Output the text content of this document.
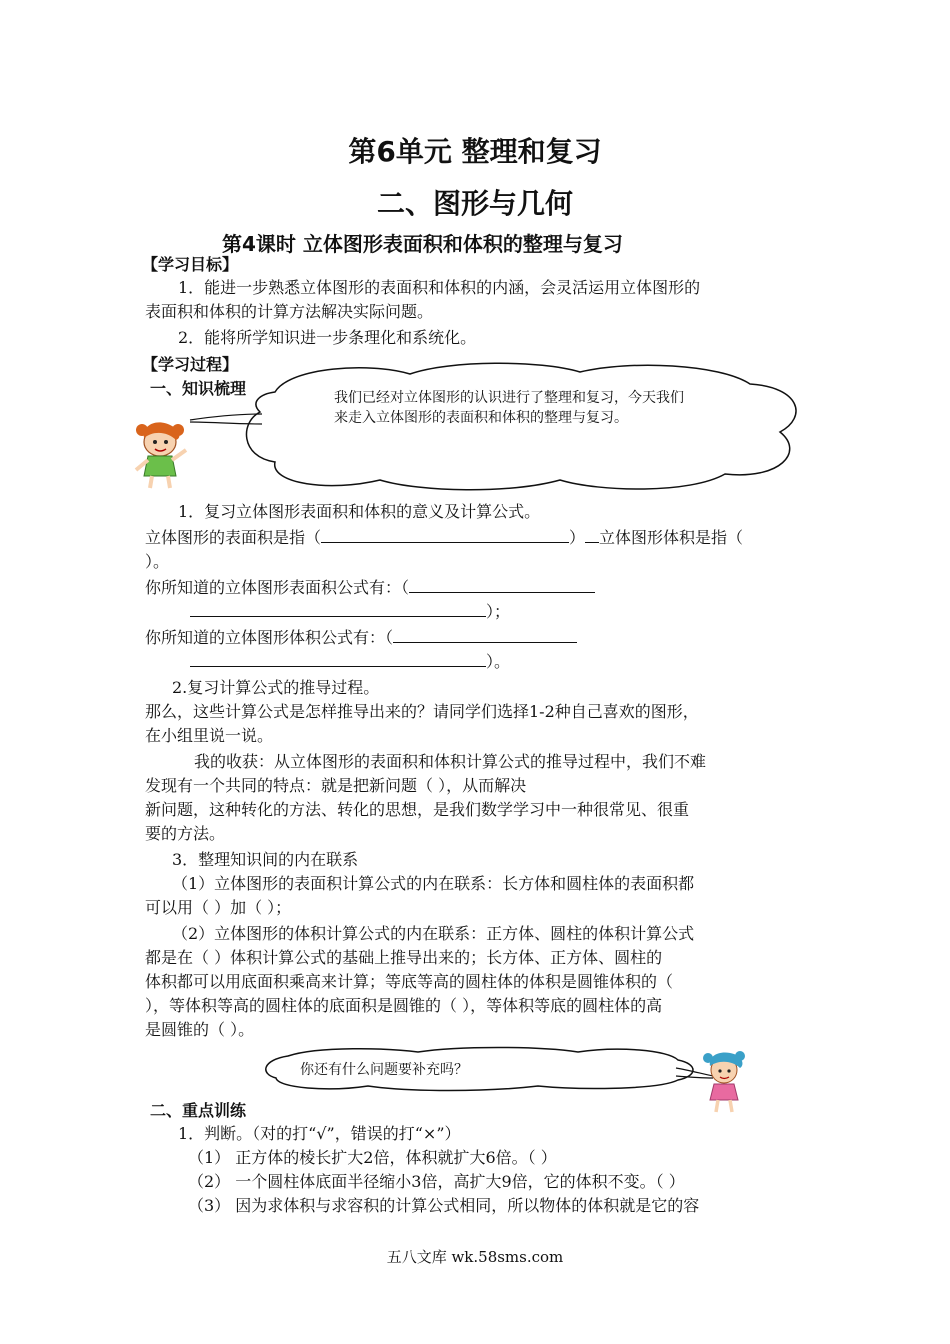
第6单元 整理和复习
二、图形与几何
第4课时 立体图形表面积和体积的整理与复习
【学习目标】
1．能进一步熟悉立体图形的表面积和体积的内涵，会灵活运用立体图形的
表面积和体积的计算方法解决实际问题。
2．能将所学知识进一步条理化和系统化。
【学习过程】
一、知识梳理	我们已经对立体图形的认识进行了整理和复习，今天我们来走入立体图形的表面积和体积的整理与复习。
1．复习立体图形表面积和体积的意义及计算公式。
立体图形的表面积是指（	） 立体图形体积是指（
）。
你所知道的立体图形表面积公式有：（
）；
你所知道的立体图形体积公式有：（
）。
2.复习计算公式的推导过程。
那么，这些计算公式是怎样推导出来的？请同学们选择1-2种自己喜欢的图形，
在小组里说一说。
我的收获：从立体图形的表面积和体积计算公式的推导过程中，我们不难
发现有一个共同的特点：就是把新问题（ ），从而解决
新问题，这种转化的方法、转化的思想，是我们数学学习中一种很常见、很重
要的方法。
3．整理知识间的内在联系
（1）立体图形的表面积计算公式的内在联系：长方体和圆柱体的表面积都
可以用（ ）加（ ）；
（2）立体图形的体积计算公式的内在联系：正方体、圆柱的体积计算公式
都是在（ ）体积计算公式的基础上推导出来的；长方体、正方体、圆柱的
体积都可以用底面积乘高来计算；等底等高的圆柱体的体积是圆锥体积的（
），等体积等高的圆柱体的底面积是圆锥的（ ），等体积等底的圆柱体的高
是圆锥的（ ）。
你还有什么问题要补充吗？
二、重点训练
1．判断。（对的打“√”，错误的打“×”）
（1） 正方体的棱长扩大2倍，体积就扩大6倍。（ ）
（2） 一个圆柱体底面半径缩小3倍，高扩大9倍，它的体积不变。（ ）
（3） 因为求体积与求容积的计算公式相同，所以物体的体积就是它的容
五八文库 wk.58sms.com
